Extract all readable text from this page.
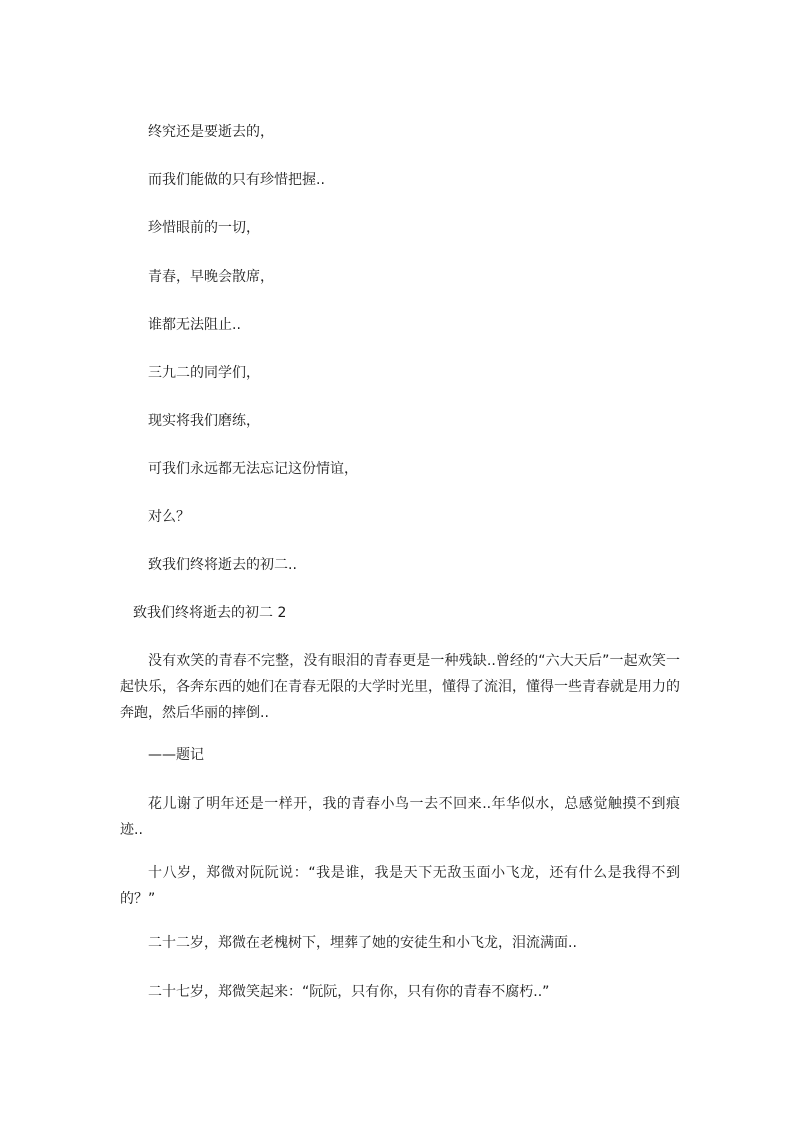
终究还是要逝去的，
而我们能做的只有珍惜把握..
珍惜眼前的一切，
青春，早晚会散席，
谁都无法阻止..
三九二的同学们，
现实将我们磨练，
可我们永远都无法忘记这份情谊，
对么？
致我们终将逝去的初二..
致我们终将逝去的初二 2
没有欢笑的青春不完整，没有眼泪的青春更是一种残缺..曾经的“六大天后”一起欢笑一起快乐，各奔东西的她们在青春无限的大学时光里，懂得了流泪，懂得一些青春就是用力的奔跑，然后华丽的摔倒..
——题记
花儿谢了明年还是一样开，我的青春小鸟一去不回来..年华似水，总感觉触摸不到痕迹..
十八岁，郑微对阮阮说：“我是谁，我是天下无敌玉面小飞龙，还有什么是我得不到的？”
二十二岁，郑微在老槐树下，埋葬了她的安徒生和小飞龙，泪流满面..
二十七岁，郑微笑起来：“阮阮，只有你，只有你的青春不腐朽..”
